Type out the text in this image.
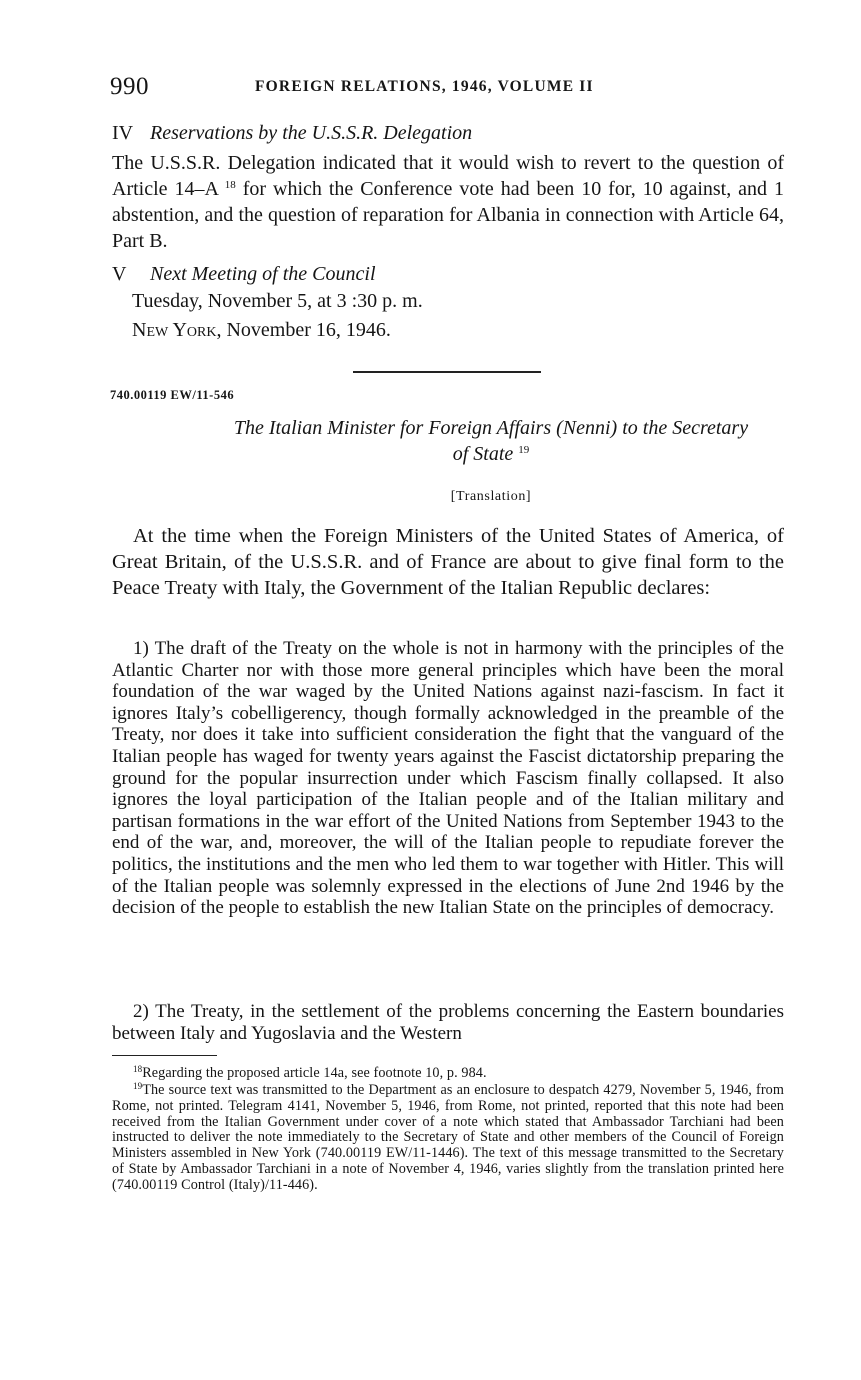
990	FOREIGN RELATIONS, 1946, VOLUME II
IV Reservations by the U.S.S.R. Delegation
The U.S.S.R. Delegation indicated that it would wish to revert to the question of Article 14–A $^{18}$ for which the Conference vote had been 10 for, 10 against, and 1 abstention, and the question of reparation for Albania in connection with Article 64, Part B.
V Next Meeting of the Council
Tuesday, November 5, at 3 :30 p. m.
New York, November 16, 1946.
740.00119 EW/11-546
The Italian Minister for Foreign Affairs (Nenni) to the Secretary
of State $^{19}$
[Translation]
At the time when the Foreign Ministers of the United States of America, of Great Britain, of the U.S.S.R. and of France are about to give final form to the Peace Treaty with Italy, the Government of the Italian Republic declares:
1) The draft of the Treaty on the whole is not in harmony with the principles of the Atlantic Charter nor with those more general principles which have been the moral foundation of the war waged by the United Nations against nazi-fascism. In fact it ignores Italy’s cobelligerency, though formally acknowledged in the preamble of the Treaty, nor does it take into sufficient consideration the fight that the vanguard of the Italian people has waged for twenty years against the Fascist dictatorship preparing the ground for the popular insurrection under which Fascism finally collapsed. It also ignores the loyal participation of the Italian people and of the Italian military and partisan formations in the war effort of the United Nations from September 1943 to the end of the war, and, moreover, the will of the Italian people to repudiate forever the politics, the institutions and the men who led them to war together with Hitler. This will of the Italian people was solemnly expressed in the elections of June 2nd 1946 by the decision of the people to establish the new Italian State on the principles of democracy.
2) The Treaty, in the settlement of the problems concerning the Eastern boundaries between Italy and Yugoslavia and the Western
$^{18}$Regarding the proposed article 14a, see footnote 10, p. 984.
$^{19}$The source text was transmitted to the Department as an enclosure to despatch 4279, November 5, 1946, from Rome, not printed. Telegram 4141, November 5, 1946, from Rome, not printed, reported that this note had been received from the Italian Government under cover of a note which stated that Ambassador Tarchiani had been instructed to deliver the note immediately to the Secretary of State and other members of the Council of Foreign Ministers assembled in New York (740.00119 EW/11-1446). The text of this message transmitted to the Secretary of State by Ambassador Tarchiani in a note of November 4, 1946, varies slightly from the translation printed here (740.00119 Control (Italy)/11-446).
